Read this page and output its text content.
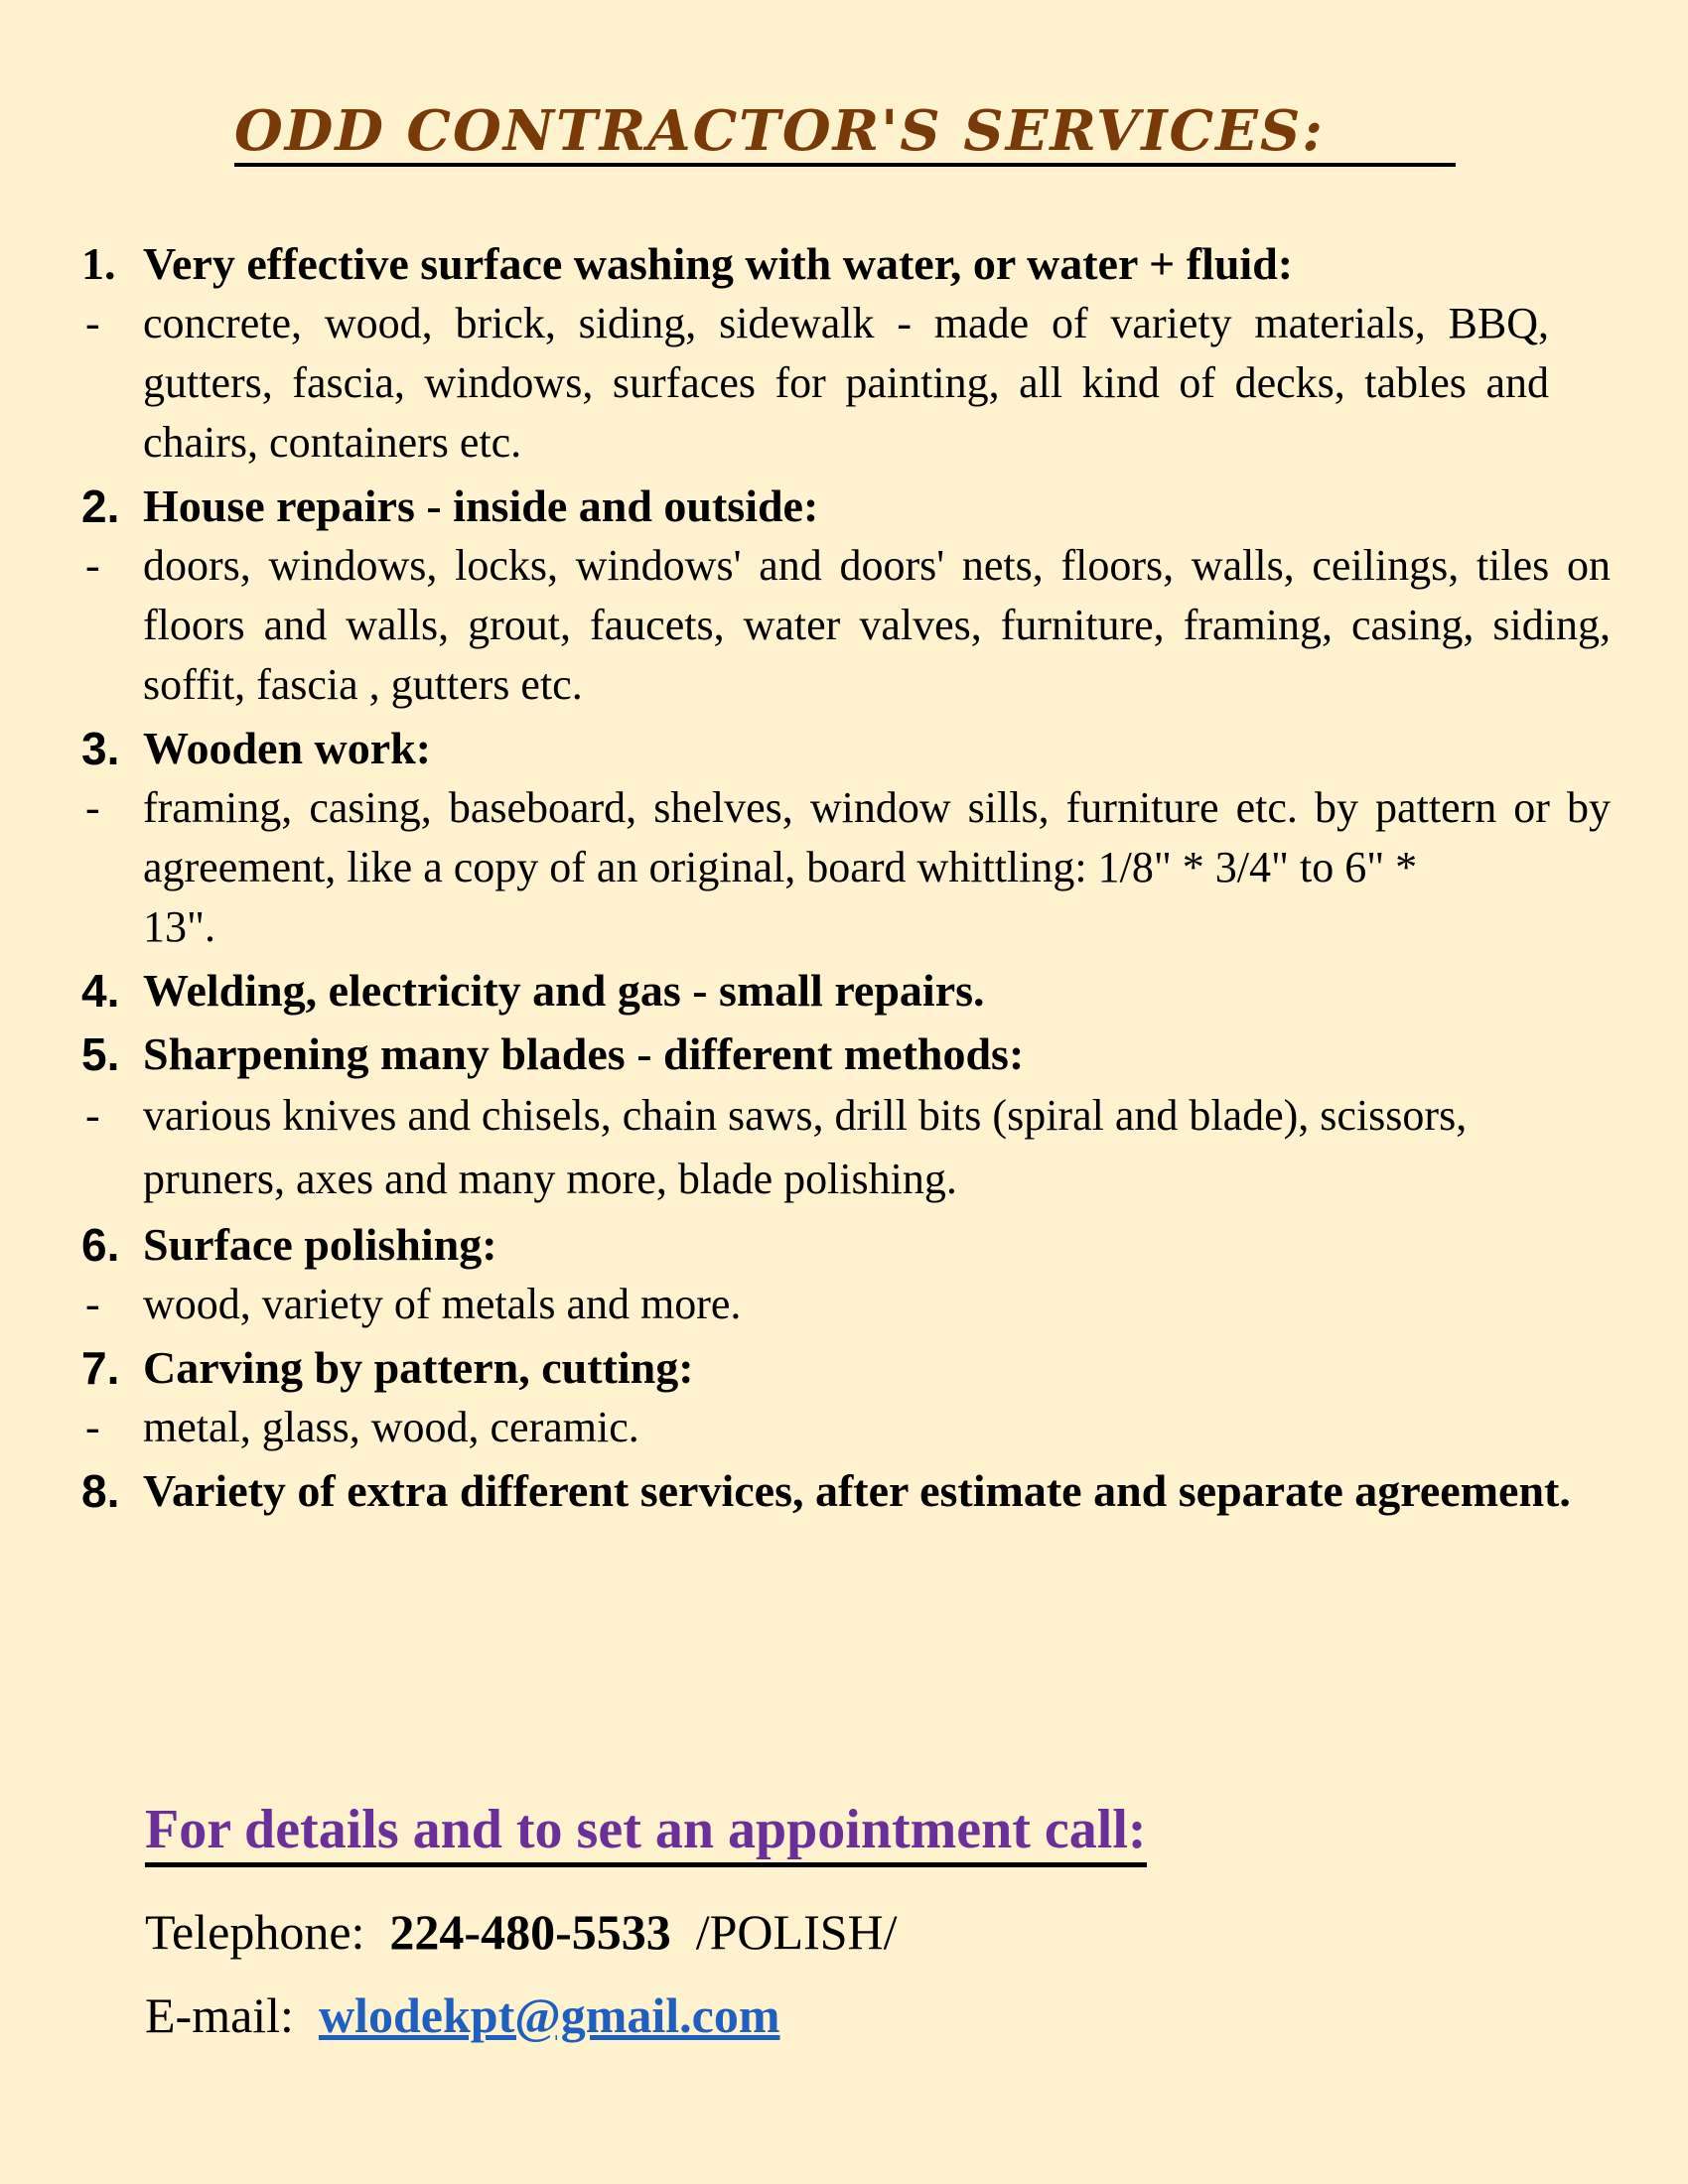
ODD CONTRACTOR'S SERVICES:
1. Very effective surface washing with water, or water + fluid:
- concrete, wood, brick, siding, sidewalk - made of variety materials, BBQ, gutters, fascia, windows, surfaces for painting, all kind of decks, tables and chairs, containers etc.
2. House repairs - inside and outside:
- doors, windows, locks, windows' and doors' nets, floors, walls, ceilings, tiles on floors and walls, grout, faucets, water valves, furniture, framing, casing, siding, soffit, fascia , gutters etc.
3. Wooden work:
- framing, casing, baseboard, shelves, window sills, furniture etc. by pattern or by agreement, like a copy of an original, board whittling: 1/8" * 3/4" to 6" *
13".
4. Welding, electricity and gas - small repairs.
5. Sharpening many blades - different methods:
- various knives and chisels, chain saws, drill bits (spiral and blade), scissors, pruners, axes and many more, blade polishing.
6. Surface polishing:
- wood, variety of metals and more.
7. Carving by pattern, cutting:
- metal, glass, wood, ceramic.
8. Variety of extra different services, after estimate and separate agreement.
For details and to set an appointment call:
Telephone: 224-480-5533 /POLISH/
E-mail: wlodekpt@gmail.com
